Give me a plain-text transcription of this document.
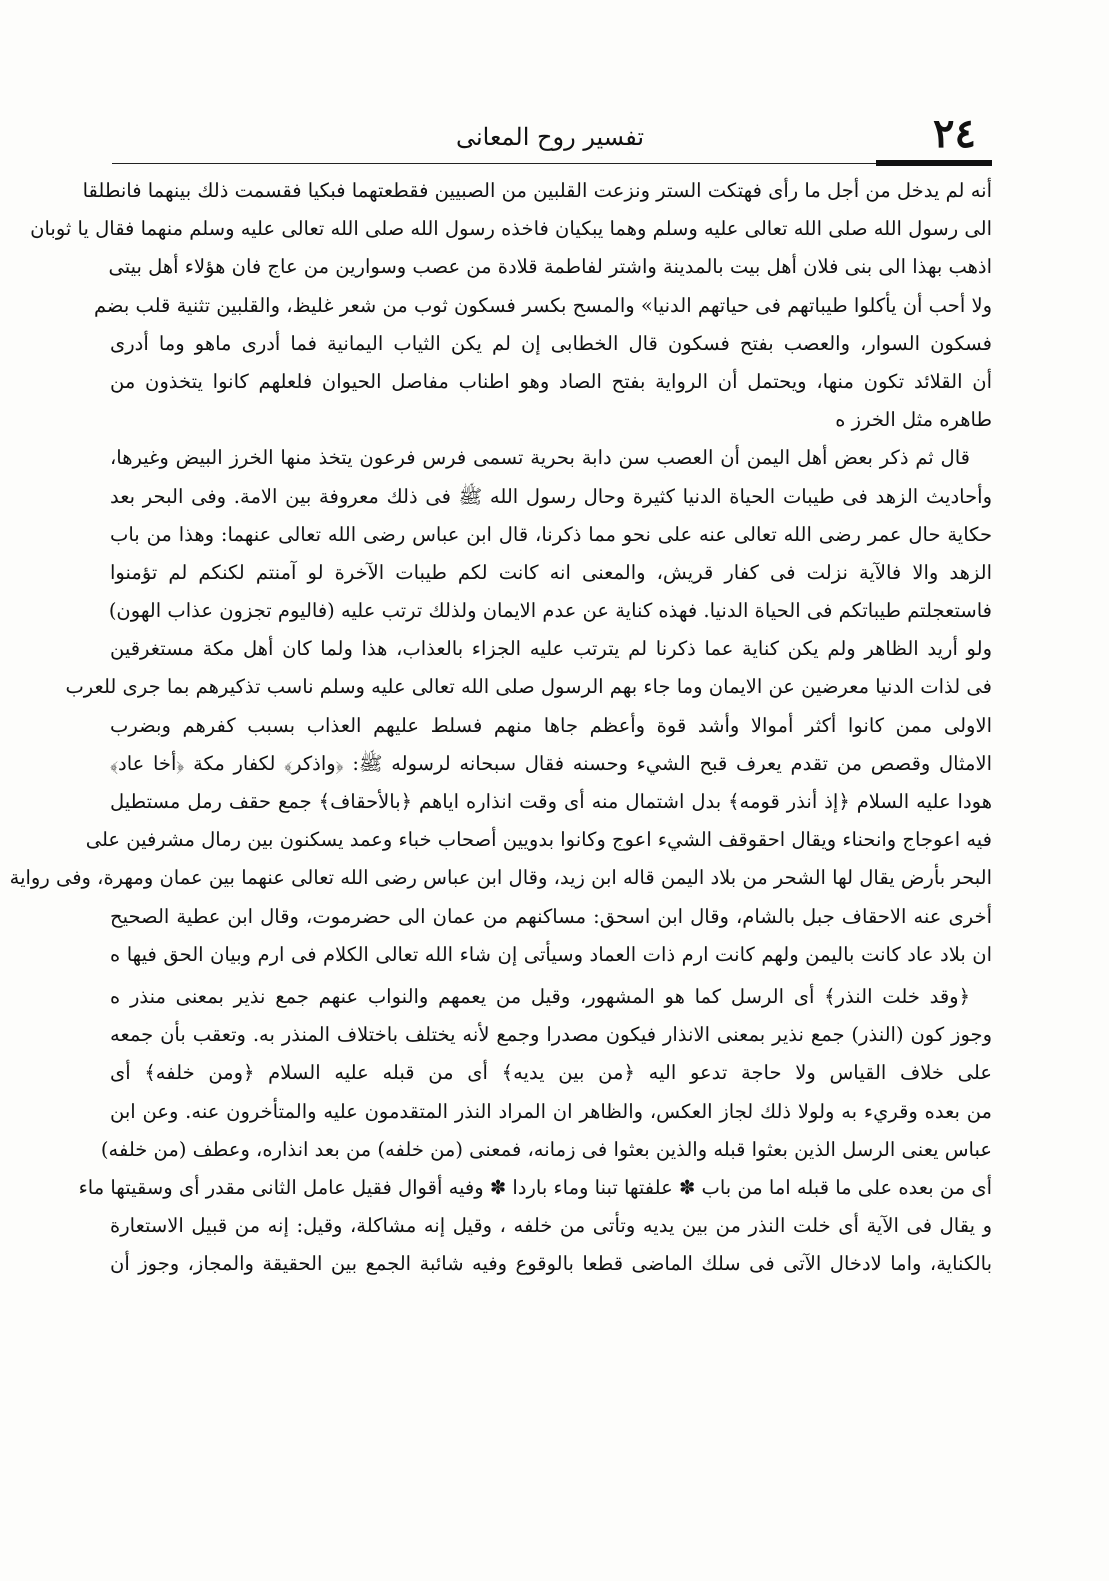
٢٤
تفسير روح المعانى
أنه لم يدخل من أجل ما رأى فهتكت الستر ونزعت القلبين من الصبيين فقطعتهما فبكيا فقسمت ذلك بينهما فانطلقا
الى رسول الله صلى الله تعالى عليه وسلم وهما يبكيان فاخذه رسول الله صلى الله تعالى عليه وسلم منهما فقال يا ثوبان
اذهب بهذا الى بنى فلان أهل بيت بالمدينة واشتر لفاطمة قلادة من عصب وسوارين من عاج فان هؤلاء أهل بيتى
ولا أحب أن يأكلوا طيباتهم فى حياتهم الدنيا» والمسح بكسر فسكون ثوب من شعر غليظ، والقلبين تثنية قلب بضم
فسكون السوار، والعصب بفتح فسكون قال الخطابى إن لم يكن الثياب اليمانية فما أدرى ماهو وما أدرى
أن القلائد تكون منها، ويحتمل أن الرواية بفتح الصاد وهو اطناب مفاصل الحيوان فلعلهم كانوا يتخذون من
طاهره مثل الخرز ه
قال ثم ذكر بعض أهل اليمن أن العصب سن دابة بحرية تسمى فرس فرعون يتخذ منها الخرز البيض وغيرها،
وأحاديث الزهد فى طيبات الحياة الدنيا كثيرة وحال رسول الله ﷺ فى ذلك معروفة بين الامة. وفى البحر بعد
حكاية حال عمر رضى الله تعالى عنه على نحو مما ذكرنا، قال ابن عباس رضى الله تعالى عنهما: وهذا من باب
الزهد والا فالآية نزلت فى كفار قريش، والمعنى انه كانت لكم طيبات الآخرة لو آمنتم لكنكم لم تؤمنوا
فاستعجلتم طيباتكم فى الحياة الدنيا. فهذه كناية عن عدم الايمان ولذلك ترتب عليه (فاليوم تجزون عذاب الهون)
ولو أريد الظاهر ولم يكن كناية عما ذكرنا لم يترتب عليه الجزاء بالعذاب، هذا ولما كان أهل مكة مستغرقين
فى لذات الدنيا معرضين عن الايمان وما جاء بهم الرسول صلى الله تعالى عليه وسلم ناسب تذكيرهم بما جرى للعرب
الاولى ممن كانوا أكثر أموالا وأشد قوة وأعظم جاها منهم فسلط عليهم العذاب بسبب كفرهم وبضرب
الامثال وقصص من تقدم يعرف قبح الشيء وحسنه فقال سبحانه لرسوله ﷺ: ﴿واذكر﴾ لكفار مكة ﴿أخا عاد﴾
هودا عليه السلام ﴿إذ أنذر قومه﴾ بدل اشتمال منه أى وقت انذاره اياهم ﴿بالأحقاف﴾ جمع حقف رمل مستطيل
فيه اعوجاج وانحناء ويقال احقوقف الشيء اعوج وكانوا بدويين أصحاب خباء وعمد يسكنون بين رمال مشرفين على
البحر بأرض يقال لها الشحر من بلاد اليمن قاله ابن زيد، وقال ابن عباس رضى الله تعالى عنهما بين عمان ومهرة، وفى رواية
أخرى عنه الاحقاف جبل بالشام، وقال ابن اسحق: مساكنهم من عمان الى حضرموت، وقال ابن عطية الصحيح
ان بلاد عاد كانت باليمن ولهم كانت ارم ذات العماد وسيأتى إن شاء الله تعالى الكلام فى ارم وبيان الحق فيها ه
﴿وقد خلت النذر﴾ أى الرسل كما هو المشهور، وقيل من يعمهم والنواب عنهم جمع نذير بمعنى منذر ه
وجوز كون (النذر) جمع نذير بمعنى الانذار فيكون مصدرا وجمع لأنه يختلف باختلاف المنذر به. وتعقب بأن جمعه
على خلاف القياس ولا حاجة تدعو اليه ﴿من بين يديه﴾ أى من قبله عليه السلام ﴿ومن خلفه﴾ أى
من بعده وقريء به ولولا ذلك لجاز العكس، والظاهر ان المراد النذر المتقدمون عليه والمتأخرون عنه. وعن ابن
عباس يعنى الرسل الذين بعثوا قبله والذين بعثوا فى زمانه، فمعنى (من خلفه) من بعد انذاره، وعطف (من خلفه)
أى من بعده على ما قبله اما من باب ✽ علفتها تبنا وماء باردا ✽ وفيه أقوال فقيل عامل الثانى مقدر أى وسقيتها ماء
و يقال فى الآية أى خلت النذر من بين يديه وتأتى من خلفه ، وقيل إنه مشاكلة، وقيل: إنه من قبيل الاستعارة
بالكناية، واما لادخال الآتى فى سلك الماضى قطعا بالوقوع وفيه شائبة الجمع بين الحقيقة والمجاز، وجوز أن
